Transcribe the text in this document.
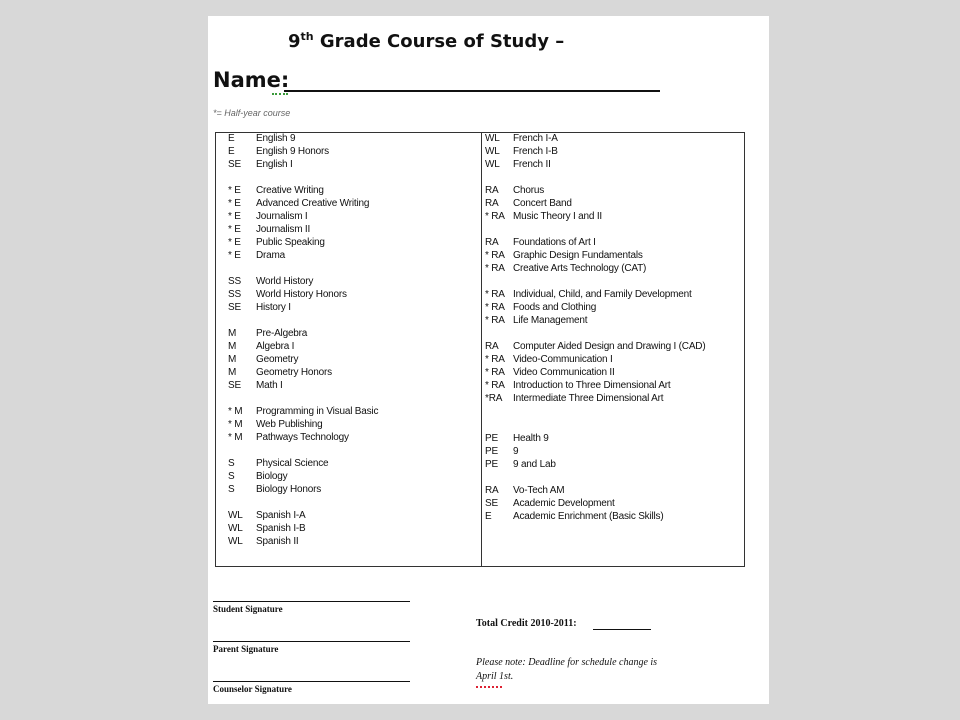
9th Grade Course of Study –
Name:
*= Half-year course
E English 9
E English 9 Honors
SE English I
* E Creative Writing
* E Advanced Creative Writing
* E Journalism I
* E Journalism II
* E Public Speaking
* E Drama
SS World History
SS World History Honors
SE History I
M Pre-Algebra
M Algebra I
M Geometry
M Geometry Honors
SE Math I
* M Programming in Visual Basic
* M Web Publishing
* M Pathways Technology
S Physical Science
S Biology
S Biology Honors
WL Spanish I-A
WL Spanish I-B
WL Spanish II
WL French I-A
WL French I-B
WL French II
RA Chorus
RA Concert Band
* RA Music Theory I and II
RA Foundations of Art I
* RA Graphic Design Fundamentals
* RA Creative Arts Technology (CAT)
* RA Individual, Child, and Family Development
* RA Foods and Clothing
* RA Life Management
RA Computer Aided Design and Drawing I (CAD)
* RA Video-Communication I
* RA Video Communication II
* RA Introduction to Three Dimensional Art
*RA Intermediate Three Dimensional Art
PE Health 9
PE 9
PE 9 and Lab
RA Vo-Tech AM
SE Academic Development
E Academic Enrichment (Basic Skills)
Student Signature
Parent Signature
Counselor Signature
Total Credit 2010-2011:
Please note: Deadline for schedule change is April 1st.
